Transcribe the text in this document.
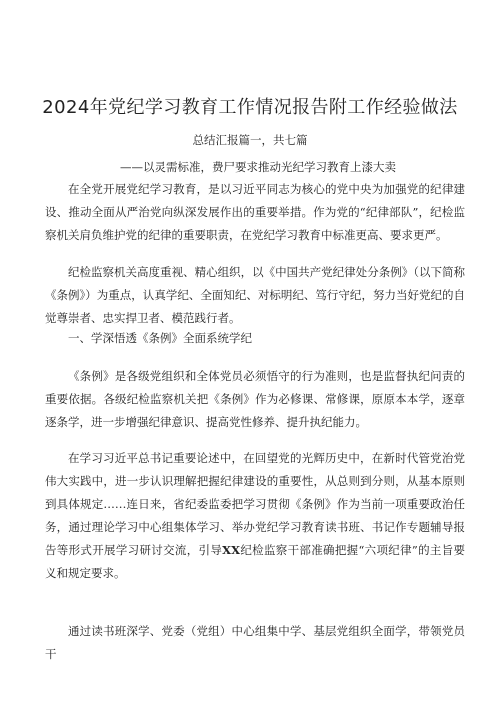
2024年党纪学习教育工作情况报告附工作经验做法
总结汇报篇一，共七篇
——以灵需标准，费尸要求推动光纪学习教育上漆大卖

在全党开展党纪学习教育，是以习近平同志为核心的党中央为加强党的纪律建设、推动全面从严治党向纵深发展作出的重要举措。作为党的“纪律部队”，纪检监察机关肩负维护党的纪律的重要职责，在党纪学习教育中标准更高、要求更严。

纪检监察机关高度重视、精心组织，以《中国共产党纪律处分条例》（以下简称《条例》）为重点，认真学纪、全面知纪、对标明纪、笃行守纪，努力当好党纪的自觉尊崇者、忠实捍卫者、模范践行者。

一、学深悟透《条例》全面系统学纪

《条例》是各级党组织和全体党员必须悟守的行为准则，也是监督执纪问责的重要依据。各级纪检监察机关把《条例》作为必修课、常修课，原原本本学，逐章逐条学，进一步增强纪律意识、提高党性修养、提升执纪能力。

在学习习近平总书记重要论述中，在回望党的光辉历史中，在新时代管党治党伟大实践中，进一步认识理解把握纪律建设的重要性，从总则到分则，从基本原则到具体规定……连日来，省纪委监委把学习贯彻《条例》作为当前一项重要政治任务，通过理论学习中心组集体学习、举办党纪学习教育读书班、书记作专题辅导报告等形式开展学习研讨交流，引导XX纪检监察干部准确把握“六项纪律”的主旨要义和规定要求。

通过读书班深学、党委（党组）中心组集中学、基层党组织全面学，带领党员干
